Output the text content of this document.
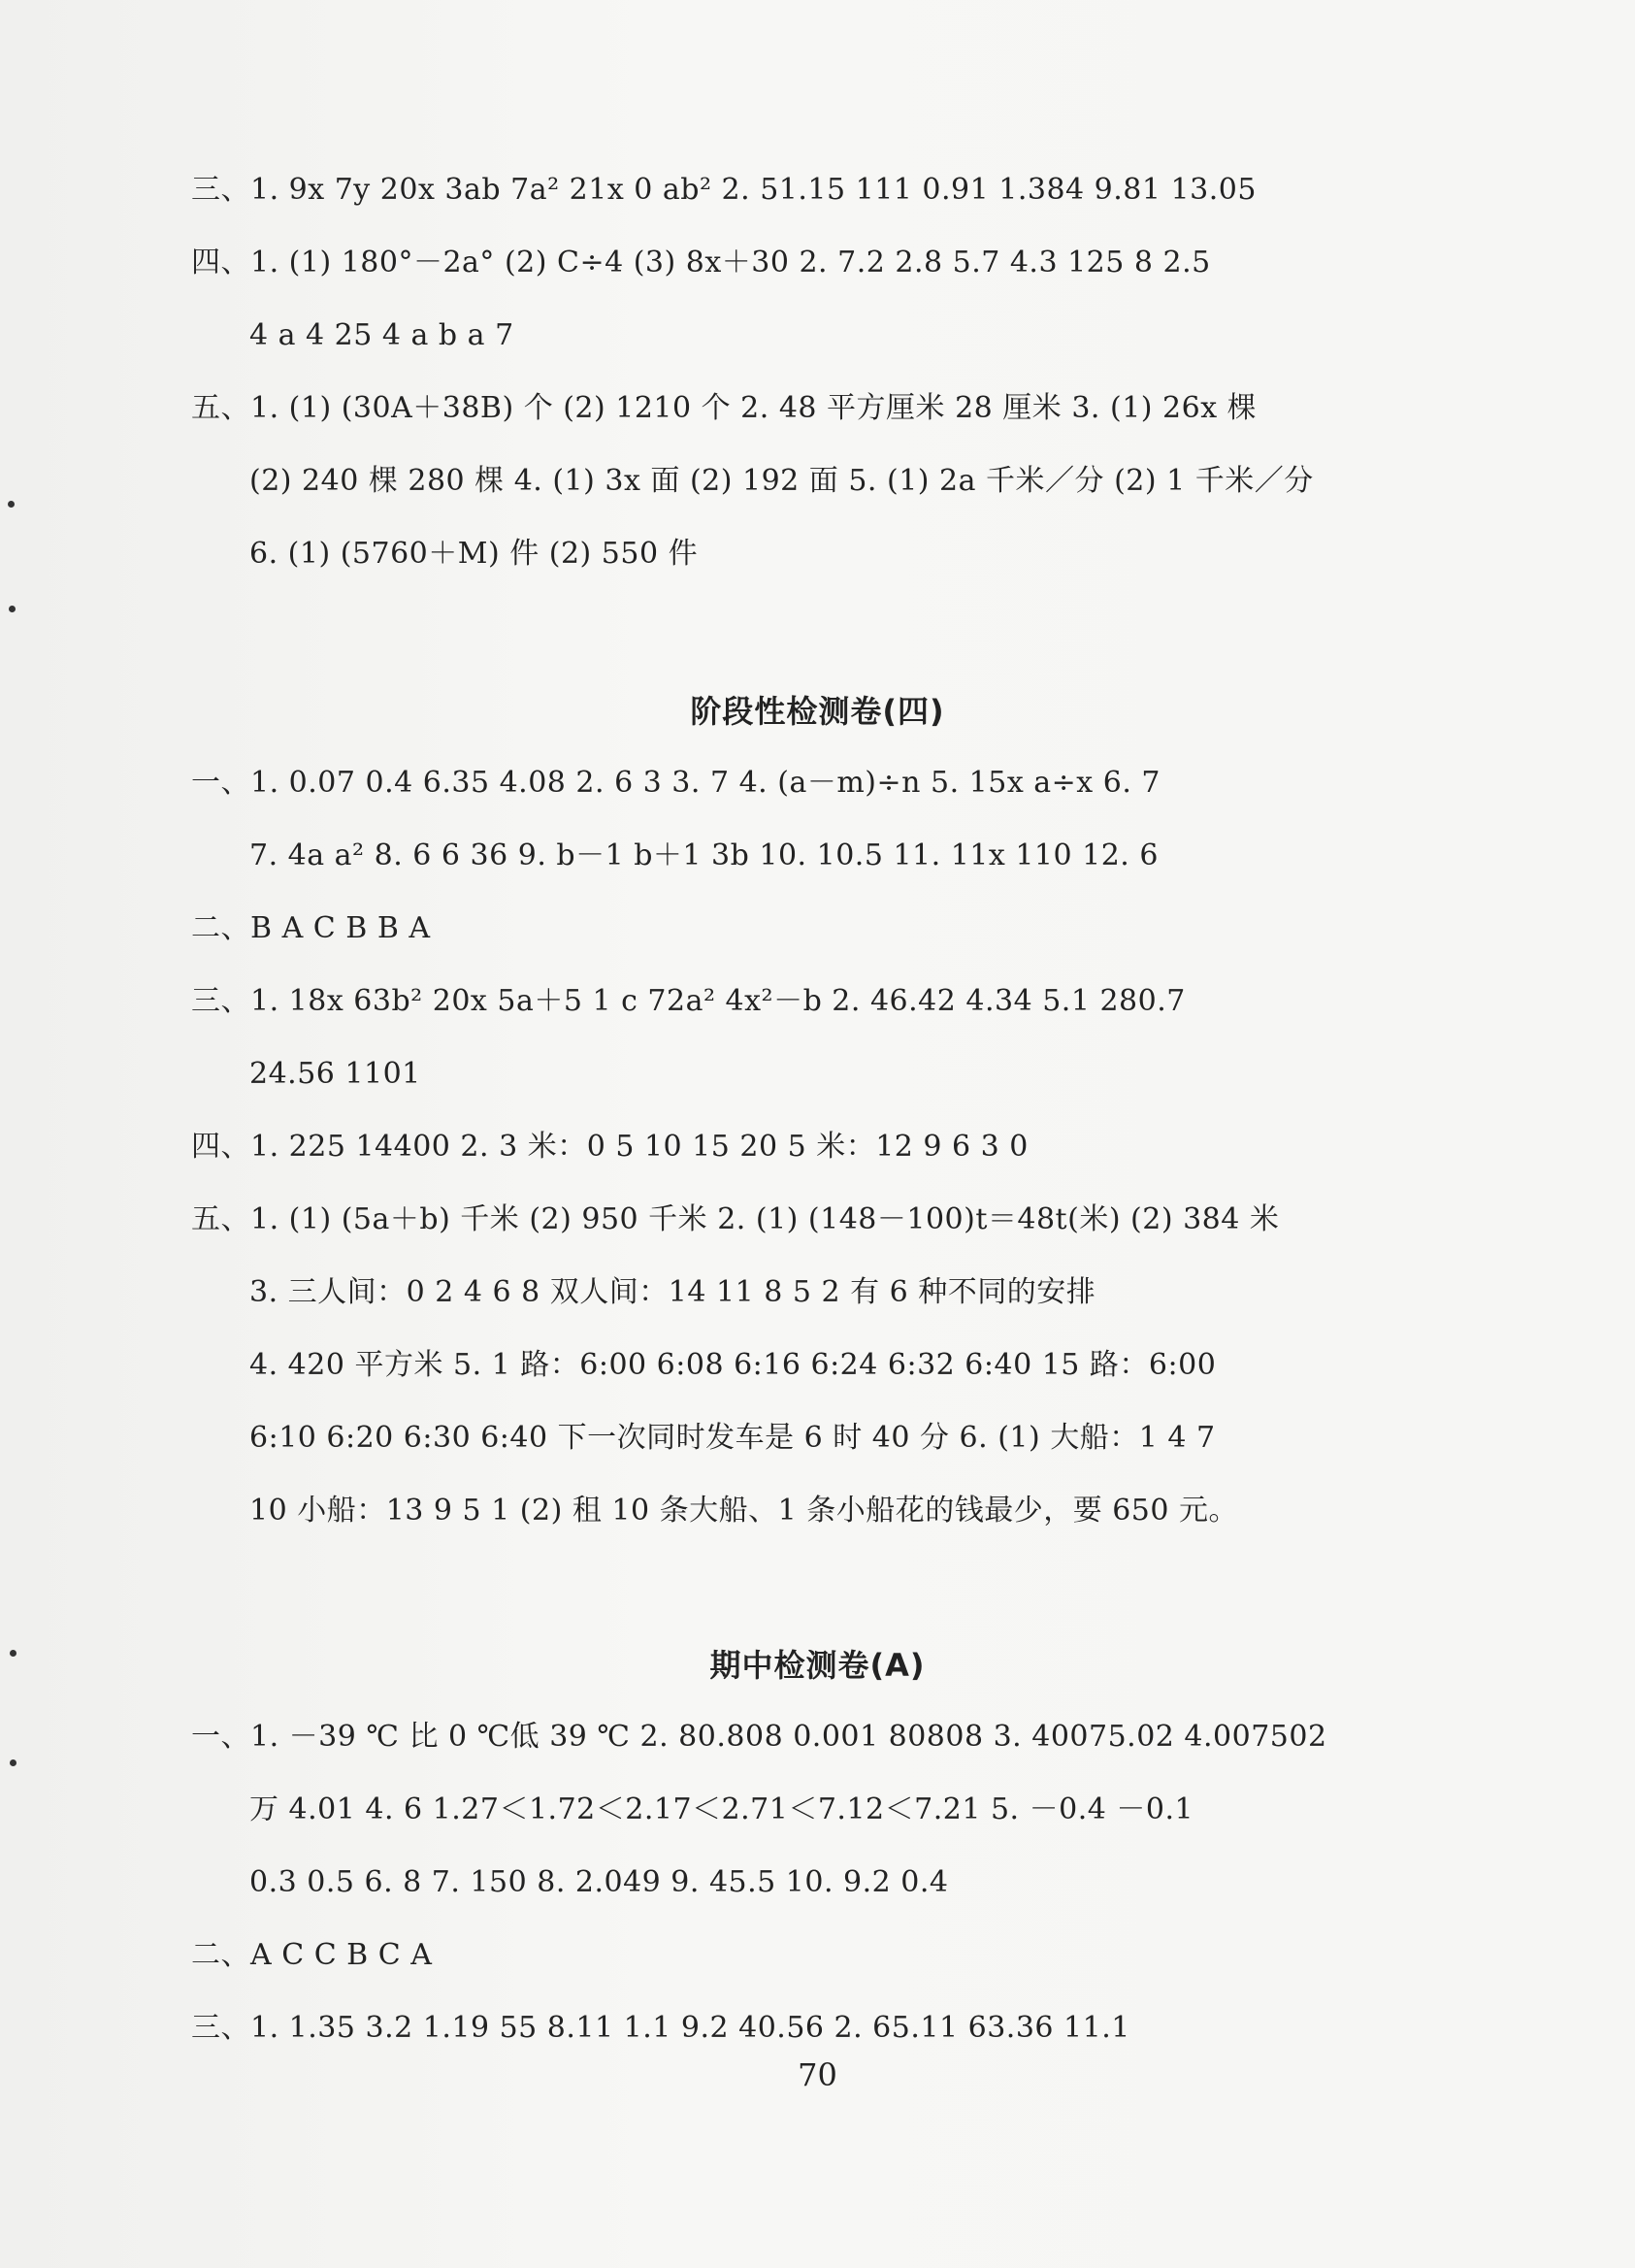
三、1. 9x 7y 20x 3ab 7a² 21x 0 ab² 2. 51.15 111 0.91 1.384 9.81 13.05
四、1. (1) 180°－2a° (2) C÷4 (3) 8x＋30 2. 7.2 2.8 5.7 4.3 125 8 2.5
4 a 4 25 4 a b a 7
五、1. (1) (30A＋38B) 个 (2) 1210 个 2. 48 平方厘米 28 厘米 3. (1) 26x 棵
(2) 240 棵 280 棵 4. (1) 3x 面 (2) 192 面 5. (1) 2a 千米／分 (2) 1 千米／分
6. (1) (5760＋M) 件 (2) 550 件
阶段性检测卷(四)
一、1. 0.07 0.4 6.35 4.08 2. 6 3 3. 7 4. (a－m)÷n 5. 15x a÷x 6. 7
7. 4a a² 8. 6 6 36 9. b－1 b＋1 3b 10. 10.5 11. 11x 110 12. 6
二、B A C B B A
三、1. 18x 63b² 20x 5a＋5 1 c 72a² 4x²－b 2. 46.42 4.34 5.1 280.7
24.56 1101
四、1. 225 14400 2. 3 米：0 5 10 15 20 5 米：12 9 6 3 0
五、1. (1) (5a＋b) 千米 (2) 950 千米 2. (1) (148－100)t＝48t(米) (2) 384 米
3. 三人间：0 2 4 6 8 双人间：14 11 8 5 2 有 6 种不同的安排
4. 420 平方米 5. 1 路：6:00 6:08 6:16 6:24 6:32 6:40 15 路：6:00
6:10 6:20 6:30 6:40 下一次同时发车是 6 时 40 分 6. (1) 大船：1 4 7
10 小船：13 9 5 1 (2) 租 10 条大船、1 条小船花的钱最少，要 650 元。
期中检测卷(A)
一、1. －39 ℃ 比 0 ℃低 39 ℃ 2. 80.808 0.001 80808 3. 40075.02 4.007502
万 4.01 4. 6 1.27＜1.72＜2.17＜2.71＜7.12＜7.21 5. －0.4 －0.1
0.3 0.5 6. 8 7. 150 8. 2.049 9. 45.5 10. 9.2 0.4
二、A C C B C A
三、1. 1.35 3.2 1.19 55 8.11 1.1 9.2 40.56 2. 65.11 63.36 11.1
70
